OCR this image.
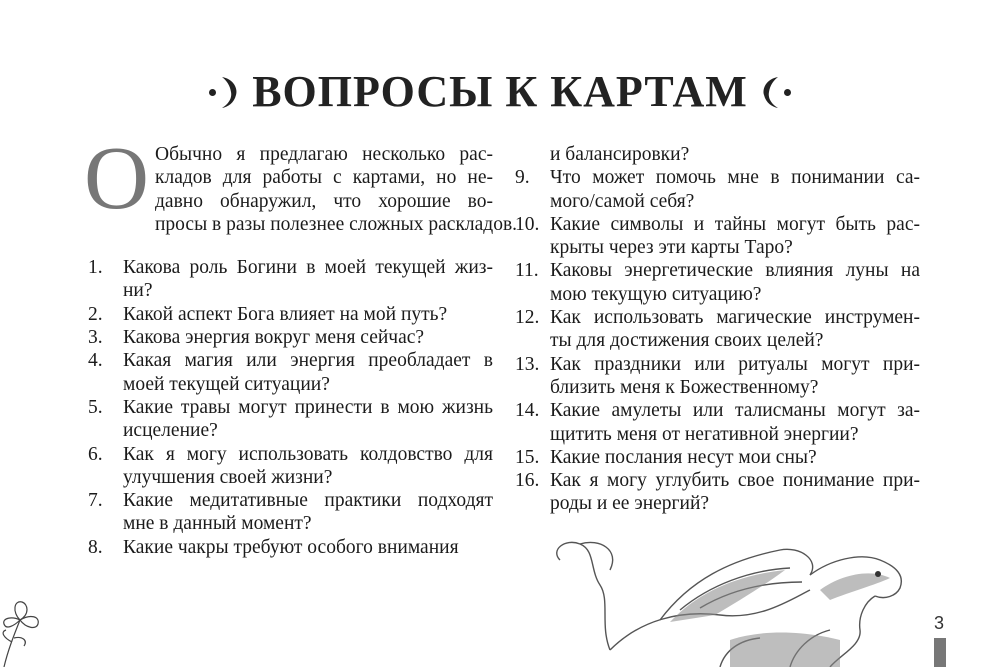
ВОПРОСЫ К КАРТАМ
О Обычно я предлагаю несколько рас-
кладов для работы с картами, но не-
давно обнаружил, что хорошие во-
просы в разы полезнее сложных раскладов.
1.	Какова роль Богини в моей текущей жиз-
ни?
2.	Какой аспект Бога влияет на мой путь?
3.	Какова энергия вокруг меня сейчас?
4.	Какая магия или энергия преобладает в
моей текущей ситуации?
5.	Какие травы могут принести в мою жизнь
исцеление?
6.	Как я могу использовать колдовство для
улучшения своей жизни?
7.	Какие медитативные практики подходят
мне в данный момент?
8.	Какие чакры требуют особого внимания
и балансировки?
9.	Что может помочь мне в понимании са-
мого/самой себя?
10. Какие символы и тайны могут быть рас-
крыты через эти карты Таро?
11. Каковы энергетические влияния луны на
мою текущую ситуацию?
12. Как использовать магические инструмен-
ты для достижения своих целей?
13. Как праздники или ритуалы могут при-
близить меня к Божественному?
14. Какие амулеты или талисманы могут за-
щитить меня от негативной энергии?
15. Какие послания несут мои сны?
16. Как я могу углубить свое понимание при-
роды и ее энергий?
3
